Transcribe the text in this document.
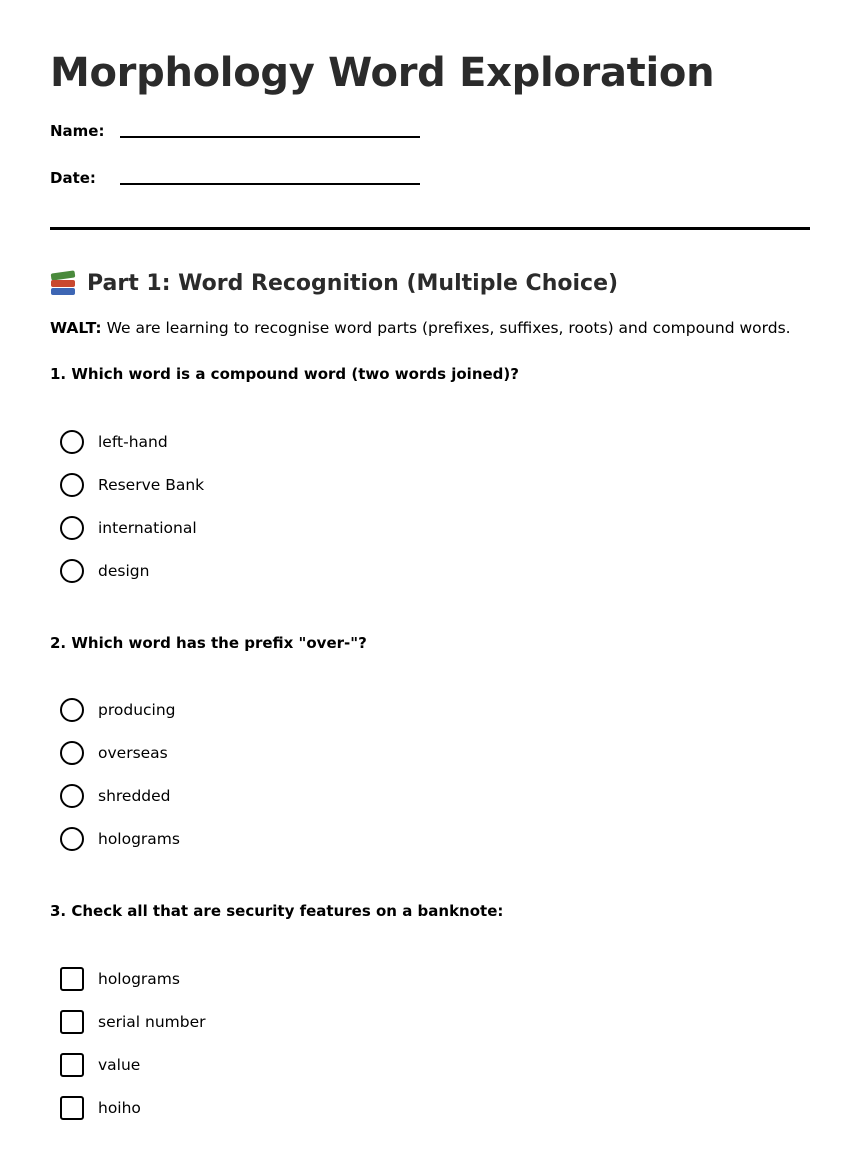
Morphology Word Exploration
Name:
Date:
Part 1: Word Recognition (Multiple Choice)

WALT: We are learning to recognise word parts (prefixes, suffixes, roots) and compound words.

1. Which word is a compound word (two words joined)?
left-hand
Reserve Bank
international
design
2. Which word has the prefix "over-"?
producing
overseas
shredded
holograms
3. Check all that are security features on a banknote:
holograms
serial number
value
hoiho
